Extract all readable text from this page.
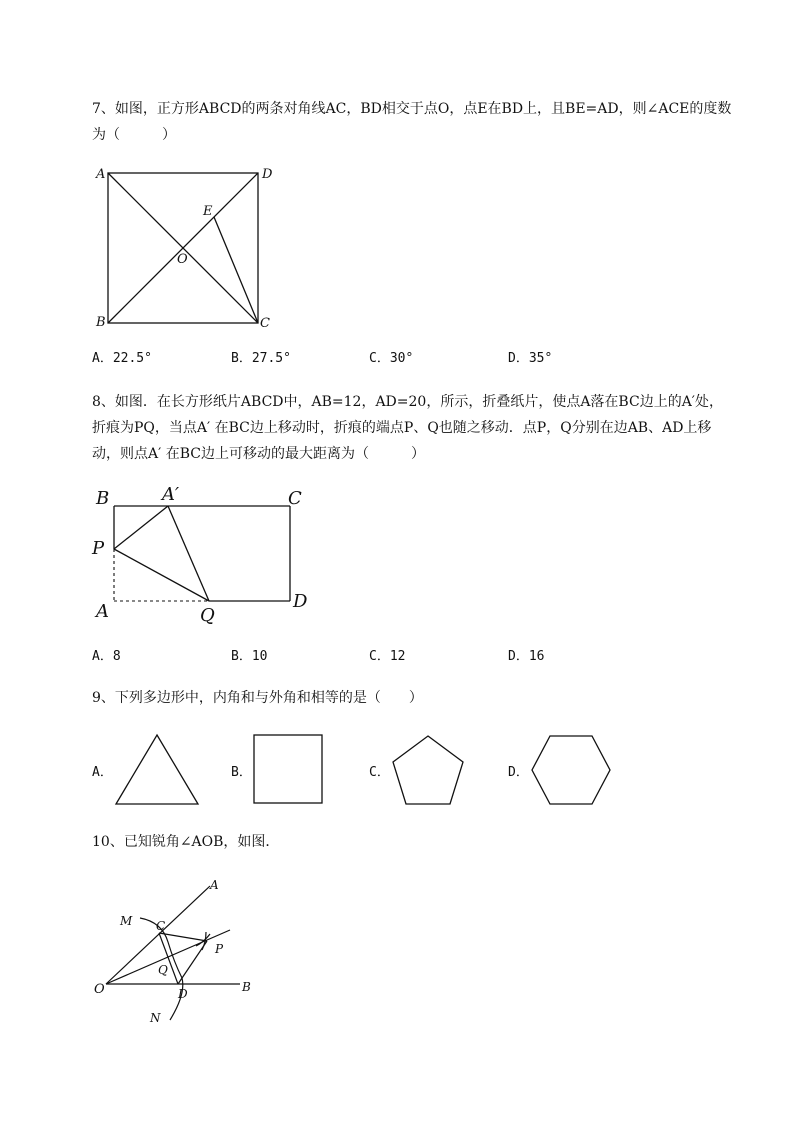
7、如图，正方形ABCD的两条对角线AC，BD相交于点O，点E在BD上，且BE=AD，则∠ACE的度数

为（　　　）

A	D
B	C
E
O
A．22.5°	B．27.5°	C．30°	D．35°

8、如图．在长方形纸片ABCD中，AB=12，AD=20，所示，折叠纸片，使点A落在BC边上的A′处，

折痕为PQ，当点A′ 在BC边上移动时，折痕的端点P、Q也随之移动．点P，Q分别在边AB、AD上移

动，则点A′ 在BC边上可移动的最大距离为（　　　）

B	A′	C
P
A	Q
D
A．8	B．10	C．12	D．16

9、下列多边形中，内角和与外角和相等的是（　　）

A．	B．	C．	D．

10、已知锐角∠AOB，如图．

A
M C
P
Q
O	D	B
N
